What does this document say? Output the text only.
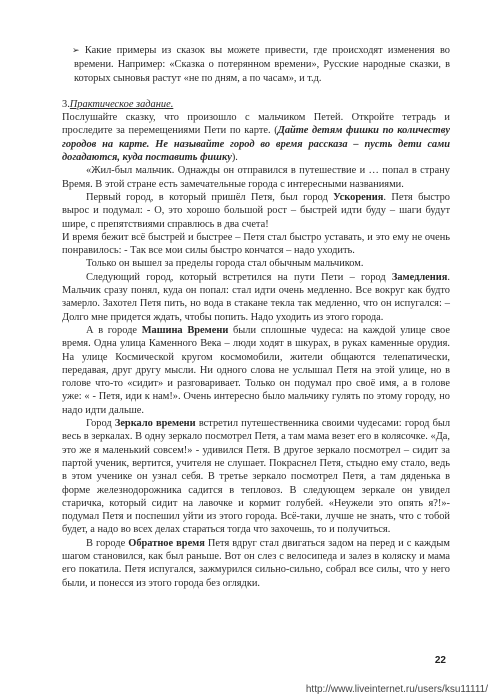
➢ Какие примеры из сказок вы можете привести, где происходят изменения во времени. Например: «Сказка о потерянном времени», Русские народные сказки, в которых сыновья растут «не по дням, а по часам», и т.д.

3.Практическое задание.

Послушайте сказку, что произошло с мальчиком Петей. Откройте тетрадь и проследите за перемещениями Пети по карте. (Дайте детям фишки по количеству городов на карте. Не называйте город во время рассказа – пусть дети сами догадаются, куда поставить фишку).

«Жил-был мальчик. Однажды он отправился в путешествие и … попал в страну Время. В этой стране есть замечательные города с интересными названиями.

Первый город, в который пришёл Петя, был город Ускорения. Петя быстро вырос и подумал: - О, это хорошо большой рост – быстрей идти буду – шаги будут шире, с препятствиями справлюсь в два счета!

И время бежит всё быстрей и быстрее – Петя стал быстро уставать, и это ему не очень понравилось: - Так все мои силы быстро кончатся – надо уходить.

Только он вышел за пределы города стал обычным мальчиком.

Следующий город, который встретился на пути Пети – город Замедления. Мальчик сразу понял, куда он попал: стал идти очень медленно. Все вокруг как будто замерло. Захотел Петя пить, но вода в стакане текла так медленно, что он испугался: – Долго мне придется ждать, чтобы попить. Надо уходить из этого города.

А в городе Машина Времени были сплошные чудеса: на каждой улице свое время. Одна улица Каменного Века – люди ходят в шкурах, в руках каменные орудия. На улице Космической кругом космомобили, жители общаются телепатически, передавая, друг другу мысли. Ни одного слова не услышал Петя на этой улице, но в голове что-то «сидит» и разговаривает. Только он подумал про своё имя, а в голове уже: « - Петя, иди к нам!». Очень интересно было мальчику гулять по этому городу, но надо идти дальше.

Город Зеркало времени встретил путешественника своими чудесами: город был весь в зеркалах. В одну зеркало посмотрел Петя, а там мама везет его в колясочке. «Да, это же я маленький совсем!» - удивился Петя. В другое зеркало посмотрел – сидит за партой ученик, вертится, учителя не слушает. Покраснел Петя, стыдно ему стало, ведь в этом ученике он узнал себя. В третье зеркало посмотрел Петя, а там дяденька в форме железнодорожника садится в тепловоз. В следующем зеркале он увидел старичка, который сидит на лавочке и кормит голубей. «Неужели это опять я?!»- подумал Петя и поспешил уйти из этого города. Всё-таки, лучше не знать, что с тобой будет, а надо во всех делах стараться тогда что захочешь, то и получиться.

В городе Обратное время Петя вдруг стал двигаться задом на перед и с каждым шагом становился, как был раньше. Вот он слез с велосипеда и залез в коляску и мама его покатила. Петя испугался, зажмурился сильно-сильно, собрал все силы, что у него были, и понесся из этого города без оглядки.

22
http://www.liveinternet.ru/users/ksu11111/
